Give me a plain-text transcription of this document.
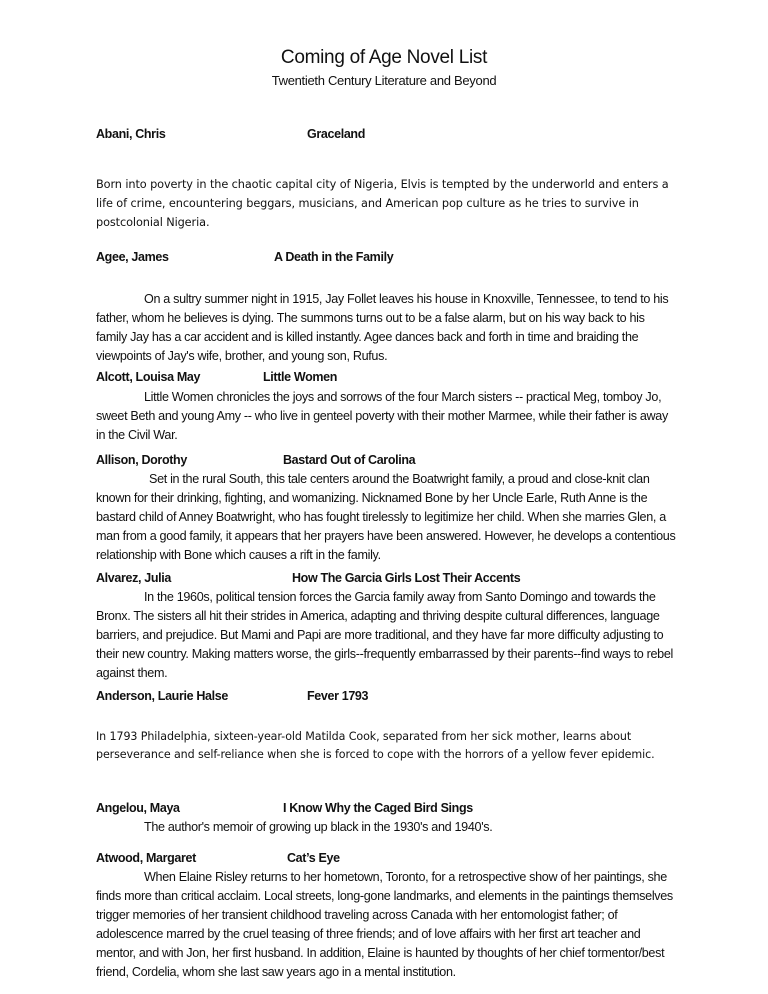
Coming of Age Novel List
Twentieth Century Literature and Beyond
Abani, Chris	Graceland

Born into poverty in the chaotic capital city of Nigeria, Elvis is tempted by the underworld and enters a life of crime, encountering beggars, musicians, and American pop culture as he tries to survive in postcolonial Nigeria.

Agee, James	A Death in the Family

On a sultry summer night in 1915, Jay Follet leaves his house in Knoxville, Tennessee, to tend to his father, whom he believes is dying. The summons turns out to be a false alarm, but on his way back to his family Jay has a car accident and is killed instantly. Agee dances back and forth in time and braiding the viewpoints of Jay's wife, brother, and young son, Rufus.

Alcott, Louisa May	Little Women

Little Women chronicles the joys and sorrows of the four March sisters -- practical Meg, tomboy Jo, sweet Beth and young Amy -- who live in genteel poverty with their mother Marmee, while their father is away in the Civil War.

Allison, Dorothy	Bastard Out of Carolina

Set in the rural South, this tale centers around the Boatwright family, a proud and close-knit clan known for their drinking, fighting, and womanizing. Nicknamed Bone by her Uncle Earle, Ruth Anne is the bastard child of Anney Boatwright, who has fought tirelessly to legitimize her child. When she marries Glen, a man from a good family, it appears that her prayers have been answered. However, he develops a contentious relationship with Bone which causes a rift in the family.

Alvarez, Julia	How The Garcia Girls Lost Their Accents

In the 1960s, political tension forces the Garcia family away from Santo Domingo and towards the Bronx. The sisters all hit their strides in America, adapting and thriving despite cultural differences, language barriers, and prejudice. But Mami and Papi are more traditional, and they have far more difficulty adjusting to their new country. Making matters worse, the girls--frequently embarrassed by their parents--find ways to rebel against them.

Anderson, Laurie Halse	Fever 1793

In 1793 Philadelphia, sixteen-year-old Matilda Cook, separated from her sick mother, learns about perseverance and self-reliance when she is forced to cope with the horrors of a yellow fever epidemic.

Angelou, Maya	I Know Why the Caged Bird Sings

The author's memoir of growing up black in the 1930's and 1940's.

Atwood, Margaret	Cat’s Eye

When Elaine Risley returns to her hometown, Toronto, for a retrospective show of her paintings, she finds more than critical acclaim. Local streets, long-gone landmarks, and elements in the paintings themselves trigger memories of her transient childhood traveling across Canada with her entomologist father; of adolescence marred by the cruel teasing of three friends; and of love affairs with her first art teacher and mentor, and with Jon, her first husband. In addition, Elaine is haunted by thoughts of her chief tormentor/best friend, Cordelia, whom she last saw years ago in a mental institution.
